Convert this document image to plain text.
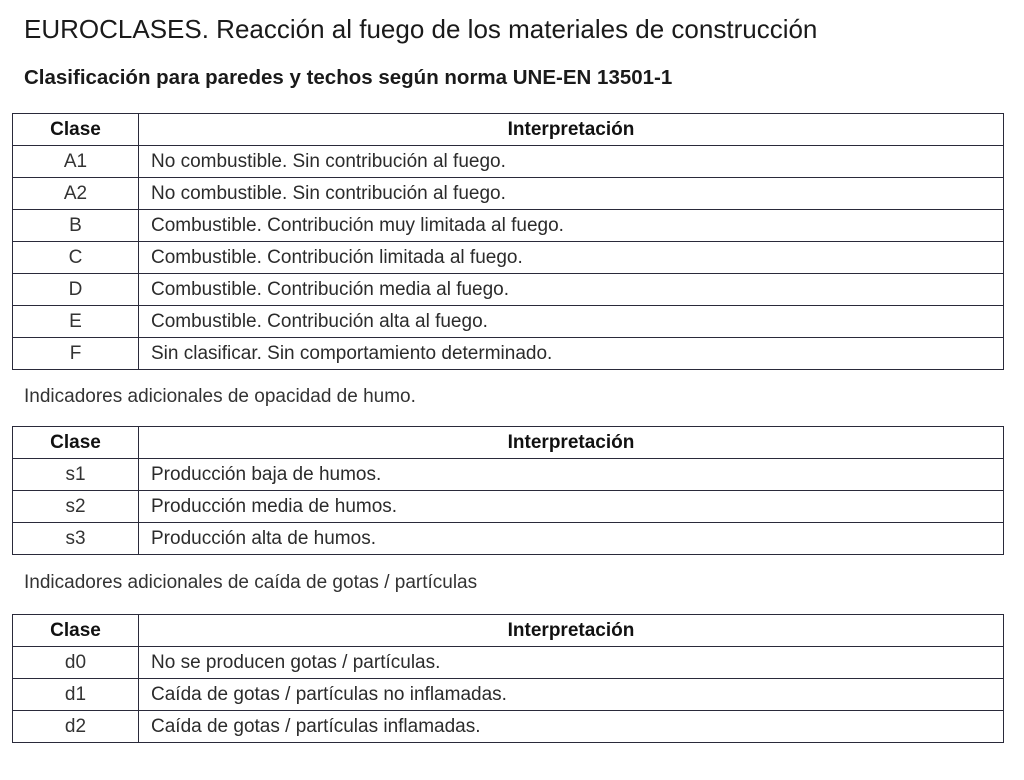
EUROCLASES. Reacción al fuego de los materiales de construcción
Clasificación para paredes y techos según norma UNE-EN 13501-1
Clase	Interpretación
A1	No combustible. Sin contribución al fuego.
A2	No combustible. Sin contribución al fuego.
B	Combustible. Contribución muy limitada al fuego.
C	Combustible. Contribución limitada al fuego.
D	Combustible. Contribución media al fuego.
E	Combustible. Contribución alta al fuego.
F	Sin clasificar. Sin comportamiento determinado.
Indicadores adicionales de opacidad de humo.
Clase	Interpretación
s1	Producción baja de humos.
s2	Producción media de humos.
s3	Producción alta de humos.
Indicadores adicionales de caída de gotas / partículas
Clase	Interpretación
d0	No se producen gotas / partículas.
d1	Caída de gotas / partículas no inflamadas.
d2	Caída de gotas / partículas inflamadas.
